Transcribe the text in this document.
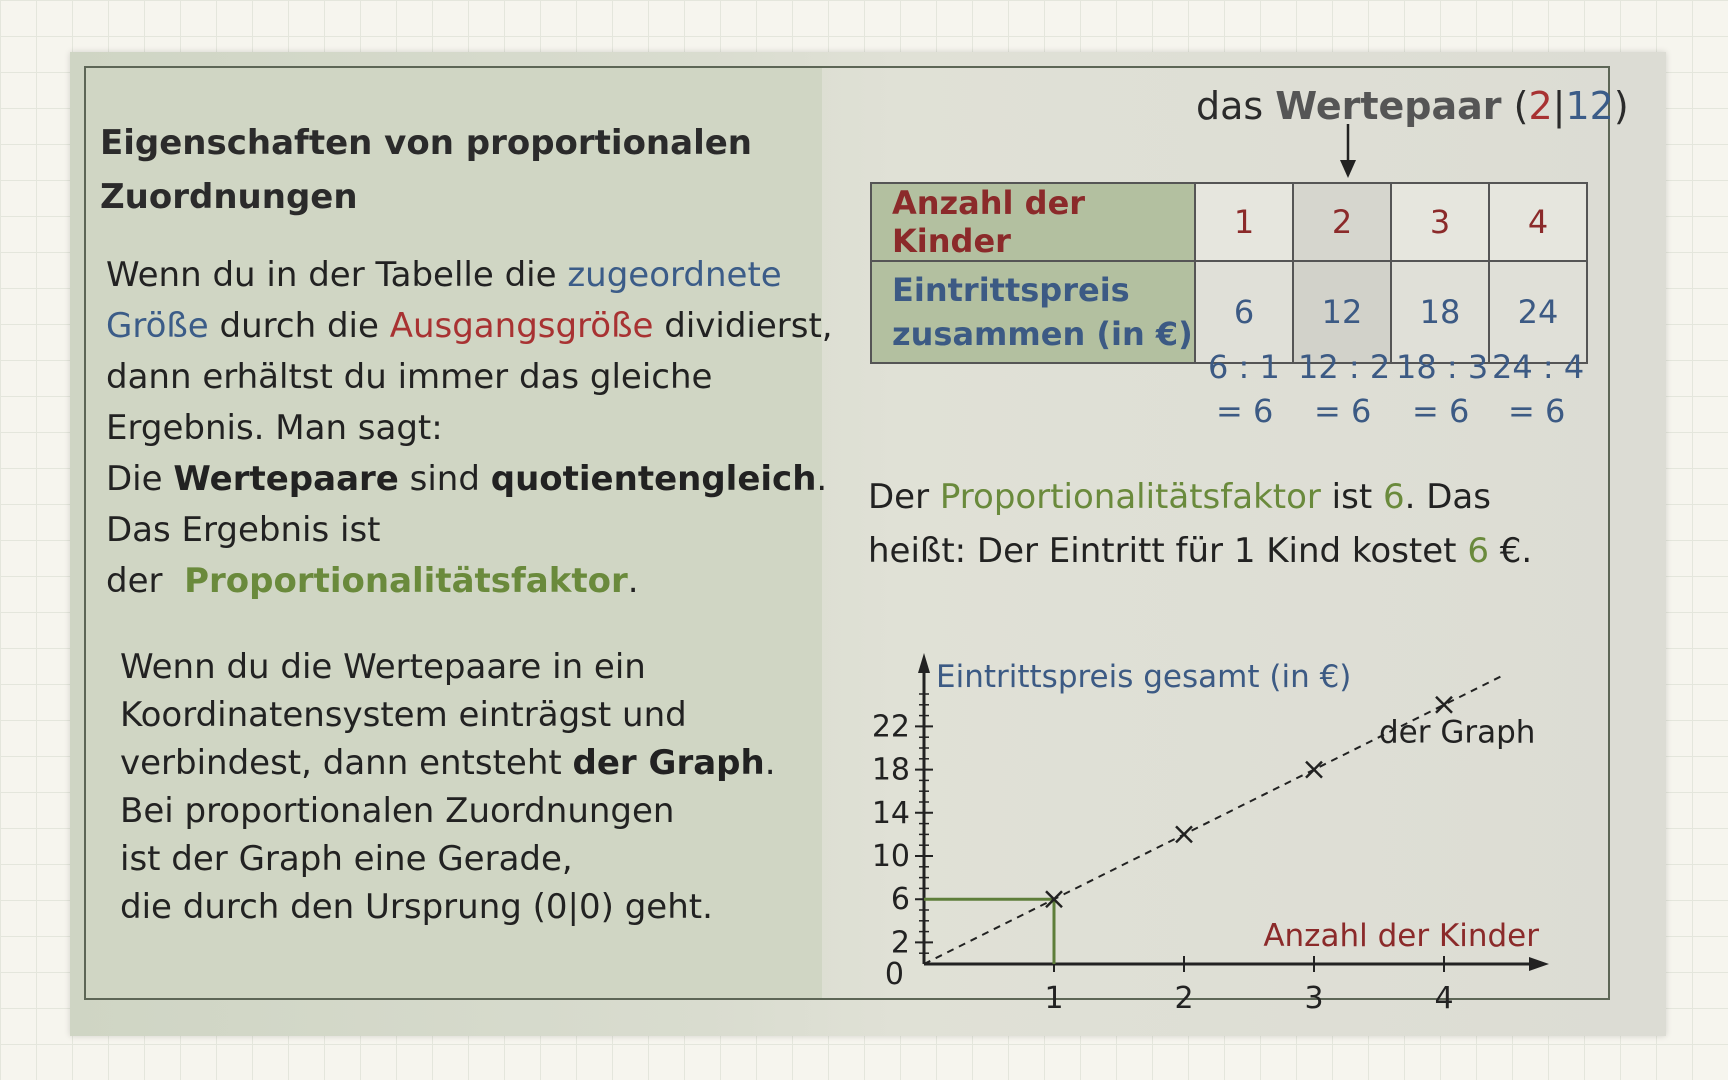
Eigenschaften von proportionalen
Zuordnungen
Wenn du in der Tabelle die zugeordnete
Größe durch die Ausgangsgröße dividierst,
dann erhältst du immer das gleiche
Ergebnis. Man sagt:
Die Wertepaare sind quotientengleich.
Das Ergebnis ist
der  Proportionalitätsfaktor.
Wenn du die Wertepaare in ein
Koordinatensystem einträgst und
verbindest, dann entsteht der Graph.
Bei proportionalen Zuordnungen
ist der Graph eine Gerade,
die durch den Ursprung (0|0) geht.
das Wertepaar (2|12)
Anzahl der Kinder	1	2	3	4
Eintrittspreis
zusammen (in €)	6	12	18	24
6 : 1
= 6
12 : 2
= 6
18 : 3
= 6
24 : 4
= 6
Der Proportionalitätsfaktor ist 6. Das
heißt: Der Eintritt für 1 Kind kostet 6 €.
2
6
10
14
18
22
1	2	3	4
0
Eintrittspreis gesamt (in €)
Anzahl der Kinder
der Graph
